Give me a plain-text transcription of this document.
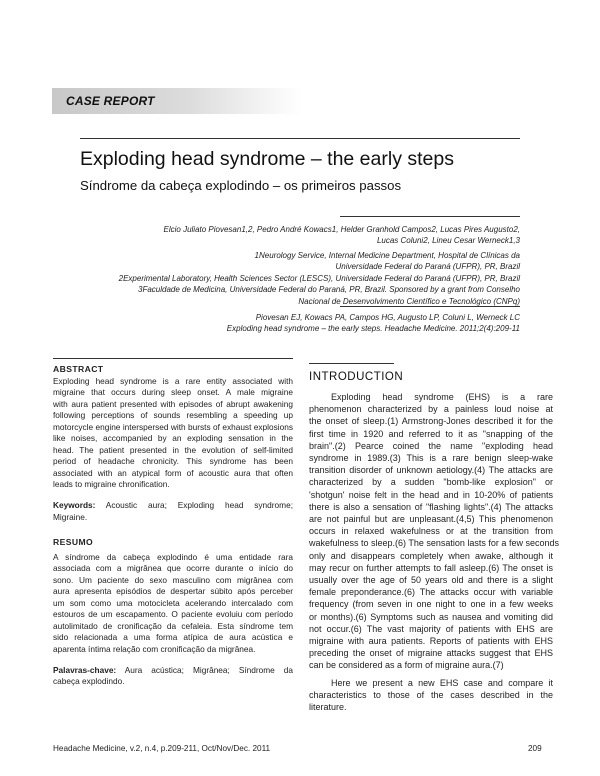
CASE REPORT
Exploding head syndrome – the early steps
Síndrome da cabeça explodindo – os primeiros passos
Elcio Juliato Piovesan1,2, Pedro André Kowacs1, Helder Granhold Campos2, Lucas Pires Augusto2,
Lucas Coluni2, Lineu Cesar Werneck1,3
1Neurology Service, Internal Medicine Department, Hospital de Clínicas da
Universidade Federal do Paraná (UFPR), PR, Brazil
2Experimental Laboratory, Health Sciences Sector (LESCS), Universidade Federal do Paraná (UFPR), PR, Brazil
3Faculdade de Medicina, Universidade Federal do Paraná, PR, Brazil. Sponsored by a grant from Conselho
Nacional de Desenvolvimento Científico e Tecnológico (CNPq)
Piovesan EJ, Kowacs PA, Campos HG, Augusto LP, Coluni L, Werneck LC
Exploding head syndrome – the early steps. Headache Medicine. 2011;2(4):209-11
ABSTRACT
Exploding head syndrome is a rare entity associated with
migraine that occurs during sleep onset. A male migraine
with aura patient presented with episodes of abrupt awakening
following perceptions of sounds resembling a speeding up
motorcycle engine interspersed with bursts of exhaust explosions
like noises, accompanied by an exploding sensation in the
head. The patient presented in the evolution of self-limited
period of headache chronicity. This syndrome has been
associated with an atypical form of acoustic aura that often
leads to migraine chronification.
Keywords: Acoustic aura; Exploding head syndrome;
Migraine.
RESUMO
A síndrome da cabeça explodindo é uma entidade rara
associada com a migrânea que ocorre durante o início do
sono. Um paciente do sexo masculino com migrânea com
aura apresenta episódios de despertar súbito após perceber
um som como uma motocicleta acelerando intercalado com
estouros de um escapamento. O paciente evoluiu com período
autolimitado de cronificação da cefaleia. Esta síndrome tem
sido relacionada a uma forma atípica de aura acústica e
aparenta íntima relação com cronificação da migrânea.
Palavras-chave: Aura acústica; Migrânea; Síndrome da
cabeça explodindo.
INTRODUCTION
Exploding head syndrome (EHS) is a rare
phenomenon characterized by a painless loud noise at
the onset of sleep.(1) Armstrong-Jones described it for the
first time in 1920 and referred to it as "snapping of the
brain".(2) Pearce coined the name "exploding head
syndrome in 1989.(3) This is a rare benign sleep-wake
transition disorder of unknown aetiology.(4) The attacks are
characterized by a sudden "bomb-like explosion" or
'shotgun' noise felt in the head and in 10-20% of patients
there is also a sensation of "flashing lights".(4) The attacks
are not painful but are unpleasant.(4,5) This phenomenon
occurs in relaxed wakefulness or at the transition from
wakefulness to sleep.(6) The sensation lasts for a few seconds
only and disappears completely when awake, although it
may recur on further attempts to fall asleep.(6) The onset is
usually over the age of 50 years old and there is a slight
female preponderance.(6) The attacks occur with variable
frequency (from seven in one night to one in a few weeks
or months).(6) Symptoms such as nausea and vomiting did
not occur.(6) The vast majority of patients with EHS are
migraine with aura patients. Reports of patients with EHS
preceding the onset of migraine attacks suggest that EHS
can be considered as a form of migraine aura.(7)
Here we present a new EHS case and compare it
characteristics to those of the cases described in the
literature.
Headache Medicine, v.2, n.4, p.209-211, Oct/Nov/Dec. 2011	209
